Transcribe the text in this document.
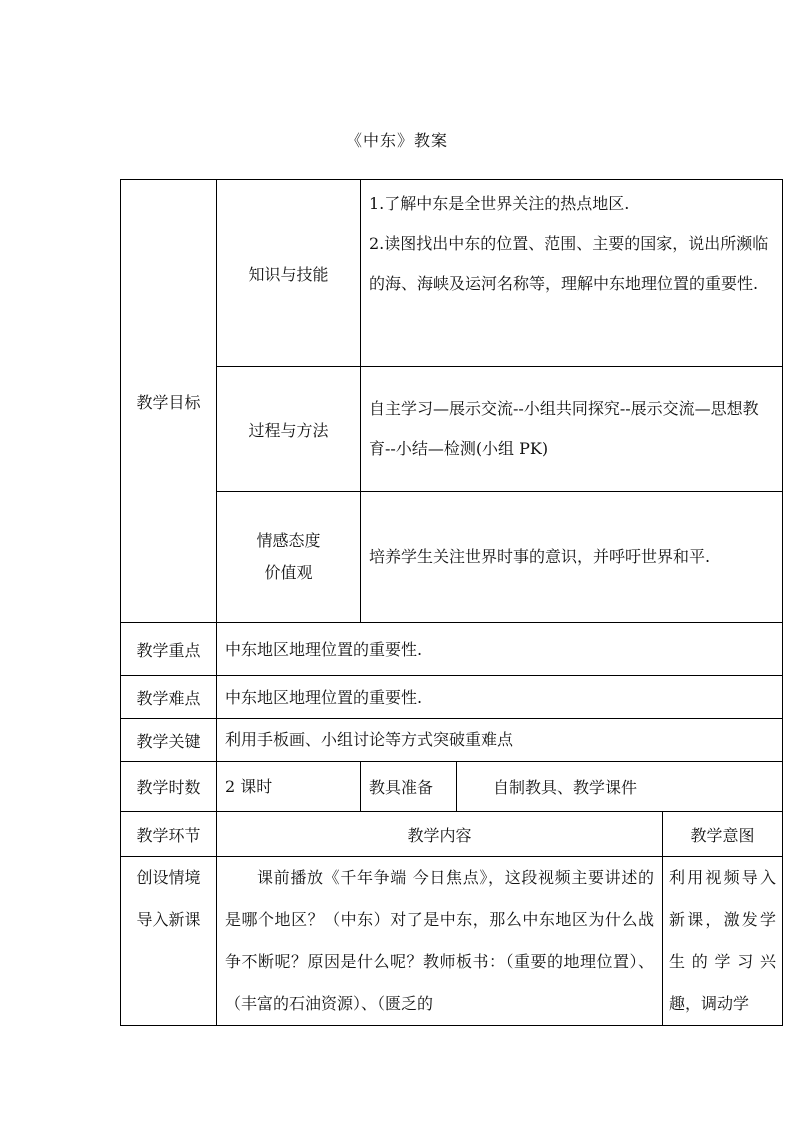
《中东》教案
教学目标	知识与技能	1.了解中东是全世界关注的热点地区.
2.读图找出中东的位置、范围、主要的国家，说出所濒临的海、海峡及运河名称等，理解中东地理位置的重要性.		

	过程与方法	自主学习—展示交流--小组共同探究--展示交流—思想教育--小结—检测(小组 PK)		

	情感态度
价值观	培养学生关注世界时事的意识，并呼吁世界和平.		

教学重点	中东地区地理位置的重要性.			

教学难点	中东地区地理位置的重要性.			

教学关键	利用手板画、小组讨论等方式突破重难点			

教学时数	2 课时	教具准备	自制教具、教学课件	

教学环节	教学内容			教学意图

创设情境
导入新课	课前播放《千年争端 今日焦点》，这段视频主要讲述的是哪个地区？（中东）对了是中东，那么中东地区为什么战争不断呢？原因是什么呢？教师板书：（重要的地理位置）、（丰富的石油资源）、（匮乏的			利用视频导入新课，激发学生的学习兴趣，调动学
